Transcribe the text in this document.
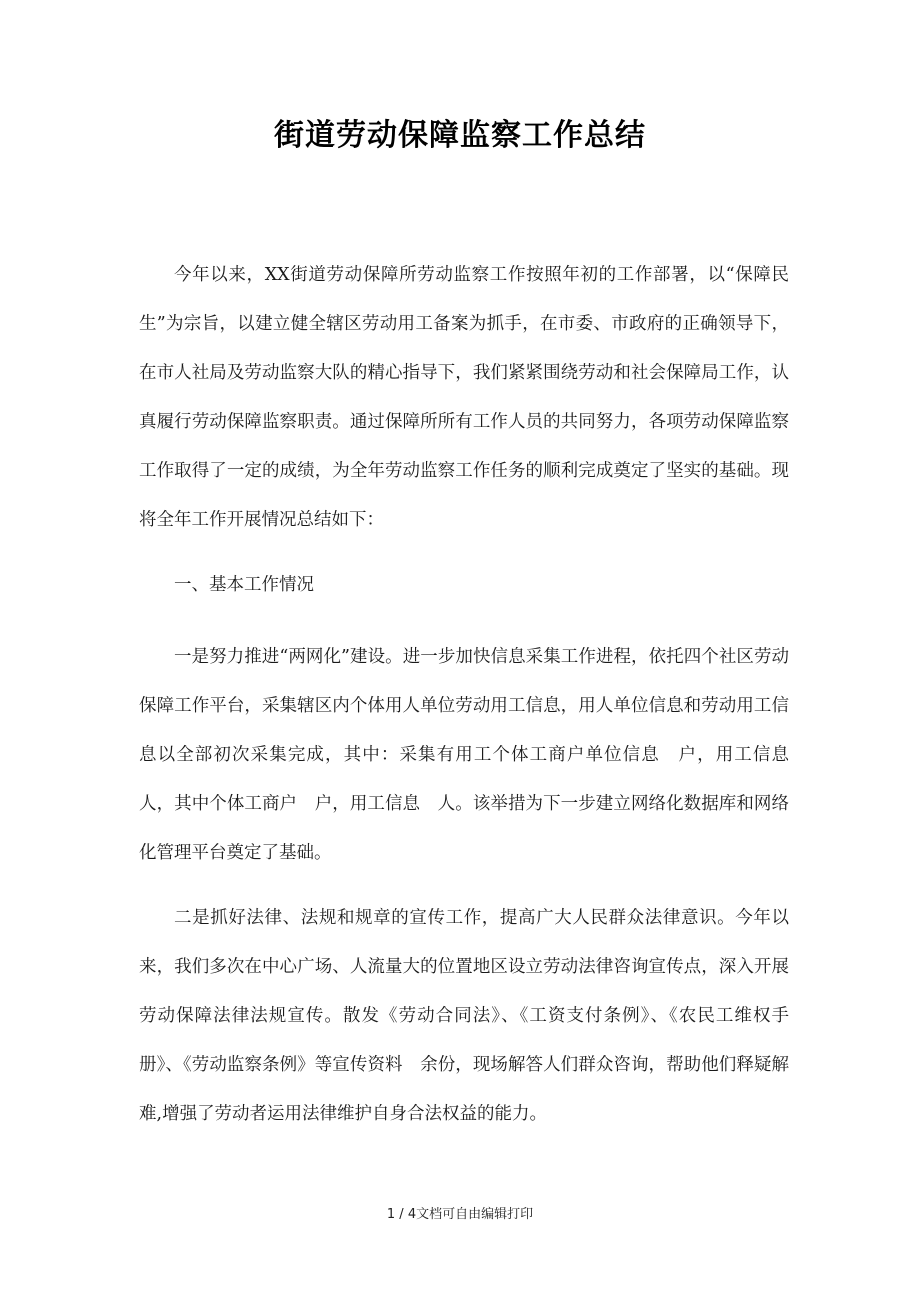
街道劳动保障监察工作总结

今年以来，XX街道劳动保障所劳动监察工作按照年初的工作部署，以“保障民生”为宗旨，以建立健全辖区劳动用工备案为抓手，在市委、市政府的正确领导下，在市人社局及劳动监察大队的精心指导下，我们紧紧围绕劳动和社会保障局工作，认真履行劳动保障监察职责。通过保障所所有工作人员的共同努力，各项劳动保障监察工作取得了一定的成绩，为全年劳动监察工作任务的顺利完成奠定了坚实的基础。现将全年工作开展情况总结如下：

一、基本工作情况

一是努力推进“两网化”建设。进一步加快信息采集工作进程，依托四个社区劳动保障工作平台，采集辖区内个体用人单位劳动用工信息，用人单位信息和劳动用工信息以全部初次采集完成，其中：采集有用工个体工商户单位信息　户，用工信息　人，其中个体工商户　户，用工信息　人。该举措为下一步建立网络化数据库和网络化管理平台奠定了基础。

二是抓好法律、法规和规章的宣传工作，提高广大人民群众法律意识。今年以来，我们多次在中心广场、人流量大的位置地区设立劳动法律咨询宣传点，深入开展劳动保障法律法规宣传。散发《劳动合同法》、《工资支付条例》、《农民工维权手册》、《劳动监察条例》等宣传资料　余份，现场解答人们群众咨询，帮助他们释疑解难,增强了劳动者运用法律维护自身合法权益的能力。

1 / 4文档可自由编辑打印
